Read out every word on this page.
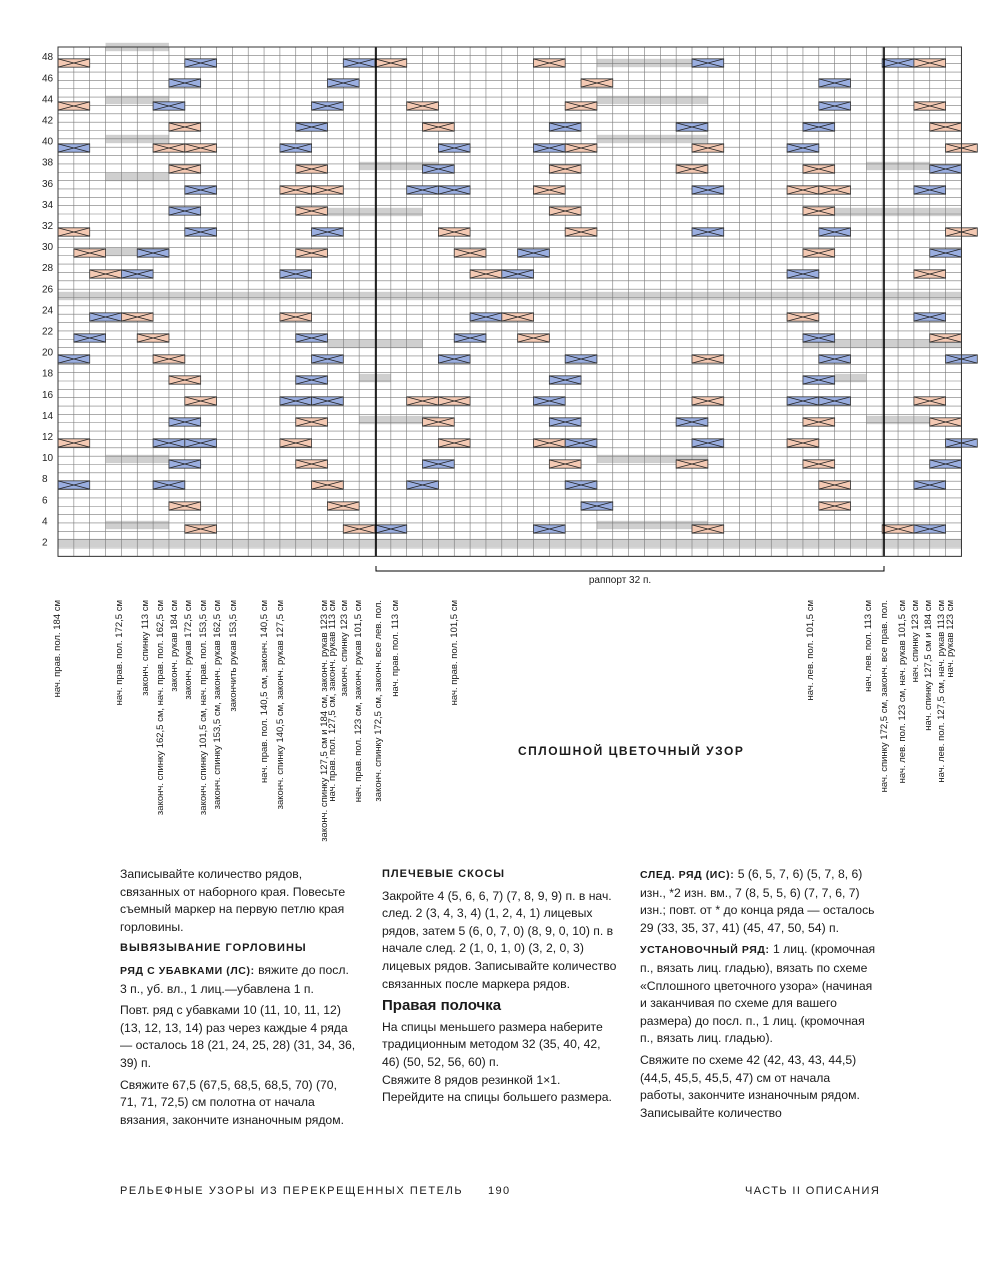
2
4
6
8
10
12
14
16
18
20
22
24
26
28
30
32
34
36
38
40
42
44
46
48
раппорт 32 п.
нач. прав. пол. 184 см	нач. прав. пол. 172,5 см	законч. спинку 162,5 см, нач. прав. пол. 162,5 см
законч. спинку 113 см законч. рукав 184 см законч. рукав 172,5 см законч. спинку 101,5 см, нач. прав. пол. 153,5 см законч. спинку 153,5 см, законч. рукав 162,5 см закончить рукав 153,5 см нач. прав. пол. 140,5 см, законч. 140,5 см законч. спинку 140,5 см, законч. рукав 127,5 см	законч. спинку 127,5 см и 184 см, законч. рукав 123 см
нач. прав. пол. 127,5 см, законч. рукав 113 см законч. спинку 123 см нач. прав. пол. 123 см, законч. рукав 101,5 см законч. спинку 172,5 см, законч. все лев. пол. нач. прав. пол. 113 см	нач. прав. пол. 101,5 см	нач. лев. пол. 101,5 см	нач. лев. пол. 113 см нач. спинку 172,5 см, законч. все прав. пол. нач. лев. пол. 123 см, нач. рукав 101,5 см нач. спинку 123 см нач. спинку 127,5 см и 184 см нач. лев. пол. 127,5 см, нач. рукав 113 см
нач. рукав 123 см
СПЛОШНОЙ ЦВЕТОЧНЫЙ УЗОР

Записывайте количество рядов, связанных от наборного края. Повесьте съемный маркер на первую петлю края горловины.

ВЫВЯЗЫВАНИЕ ГОРЛОВИНЫ

РЯД С УБАВКАМИ (ЛС): вяжите до посл. 3 п., уб. вл., 1 лиц.—убавлена 1 п.

Повт. ряд с убавками 10 (11, 10, 11, 12) (13, 12, 13, 14) раз через каждые 4 ряда — осталось 18 (21, 24, 25, 28) (31, 34, 36, 39) п.

Свяжите 67,5 (67,5, 68,5, 68,5, 70) (70, 71, 71, 72,5) см полотна от начала вязания, закончите изнаночным рядом.

ПЛЕЧЕВЫЕ СКОСЫ

Закройте 4 (5, 6, 6, 7) (7, 8, 9, 9) п. в нач. след. 2 (3, 4, 3, 4) (1, 2, 4, 1) лицевых рядов, затем 5 (6, 0, 7, 0) (8, 9, 0, 10) п. в начале след. 2 (1, 0, 1, 0) (3, 2, 0, 3) лицевых рядов. Записывайте количество связанных после маркера рядов.

Правая полочка

На спицы меньшего размера наберите традиционным методом 32 (35, 40, 42, 46) (50, 52, 56, 60) п.

Свяжите 8 рядов резинкой 1×1.

Перейдите на спицы большего размера.

СЛЕД. РЯД (ИС): 5 (6, 5, 7, 6) (5, 7, 8, 6) изн., *2 изн. вм., 7 (8, 5, 5, 6) (7, 7, 6, 7) изн.; повт. от * до конца ряда — осталось 29 (33, 35, 37, 41) (45, 47, 50, 54) п.

УСТАНОВОЧНЫЙ РЯД: 1 лиц. (кромочная п., вязать лиц. гладью), вязать по схеме «Сплошного цветочного узора» (начиная и заканчивая по схеме для вашего размера) до посл. п., 1 лиц. (кромочная п., вязать лиц. гладью).

Свяжите по схеме 42 (42, 43, 43, 44,5) (44,5, 45,5, 45,5, 47) см от начала работы, закончите изнаночным рядом. Записывайте количество

РЕЛЬЕФНЫЕ УЗОРЫ ИЗ ПЕРЕКРЕЩЕННЫХ ПЕТЕЛЬ 190	ЧАСТЬ II ОПИСАНИЯ
